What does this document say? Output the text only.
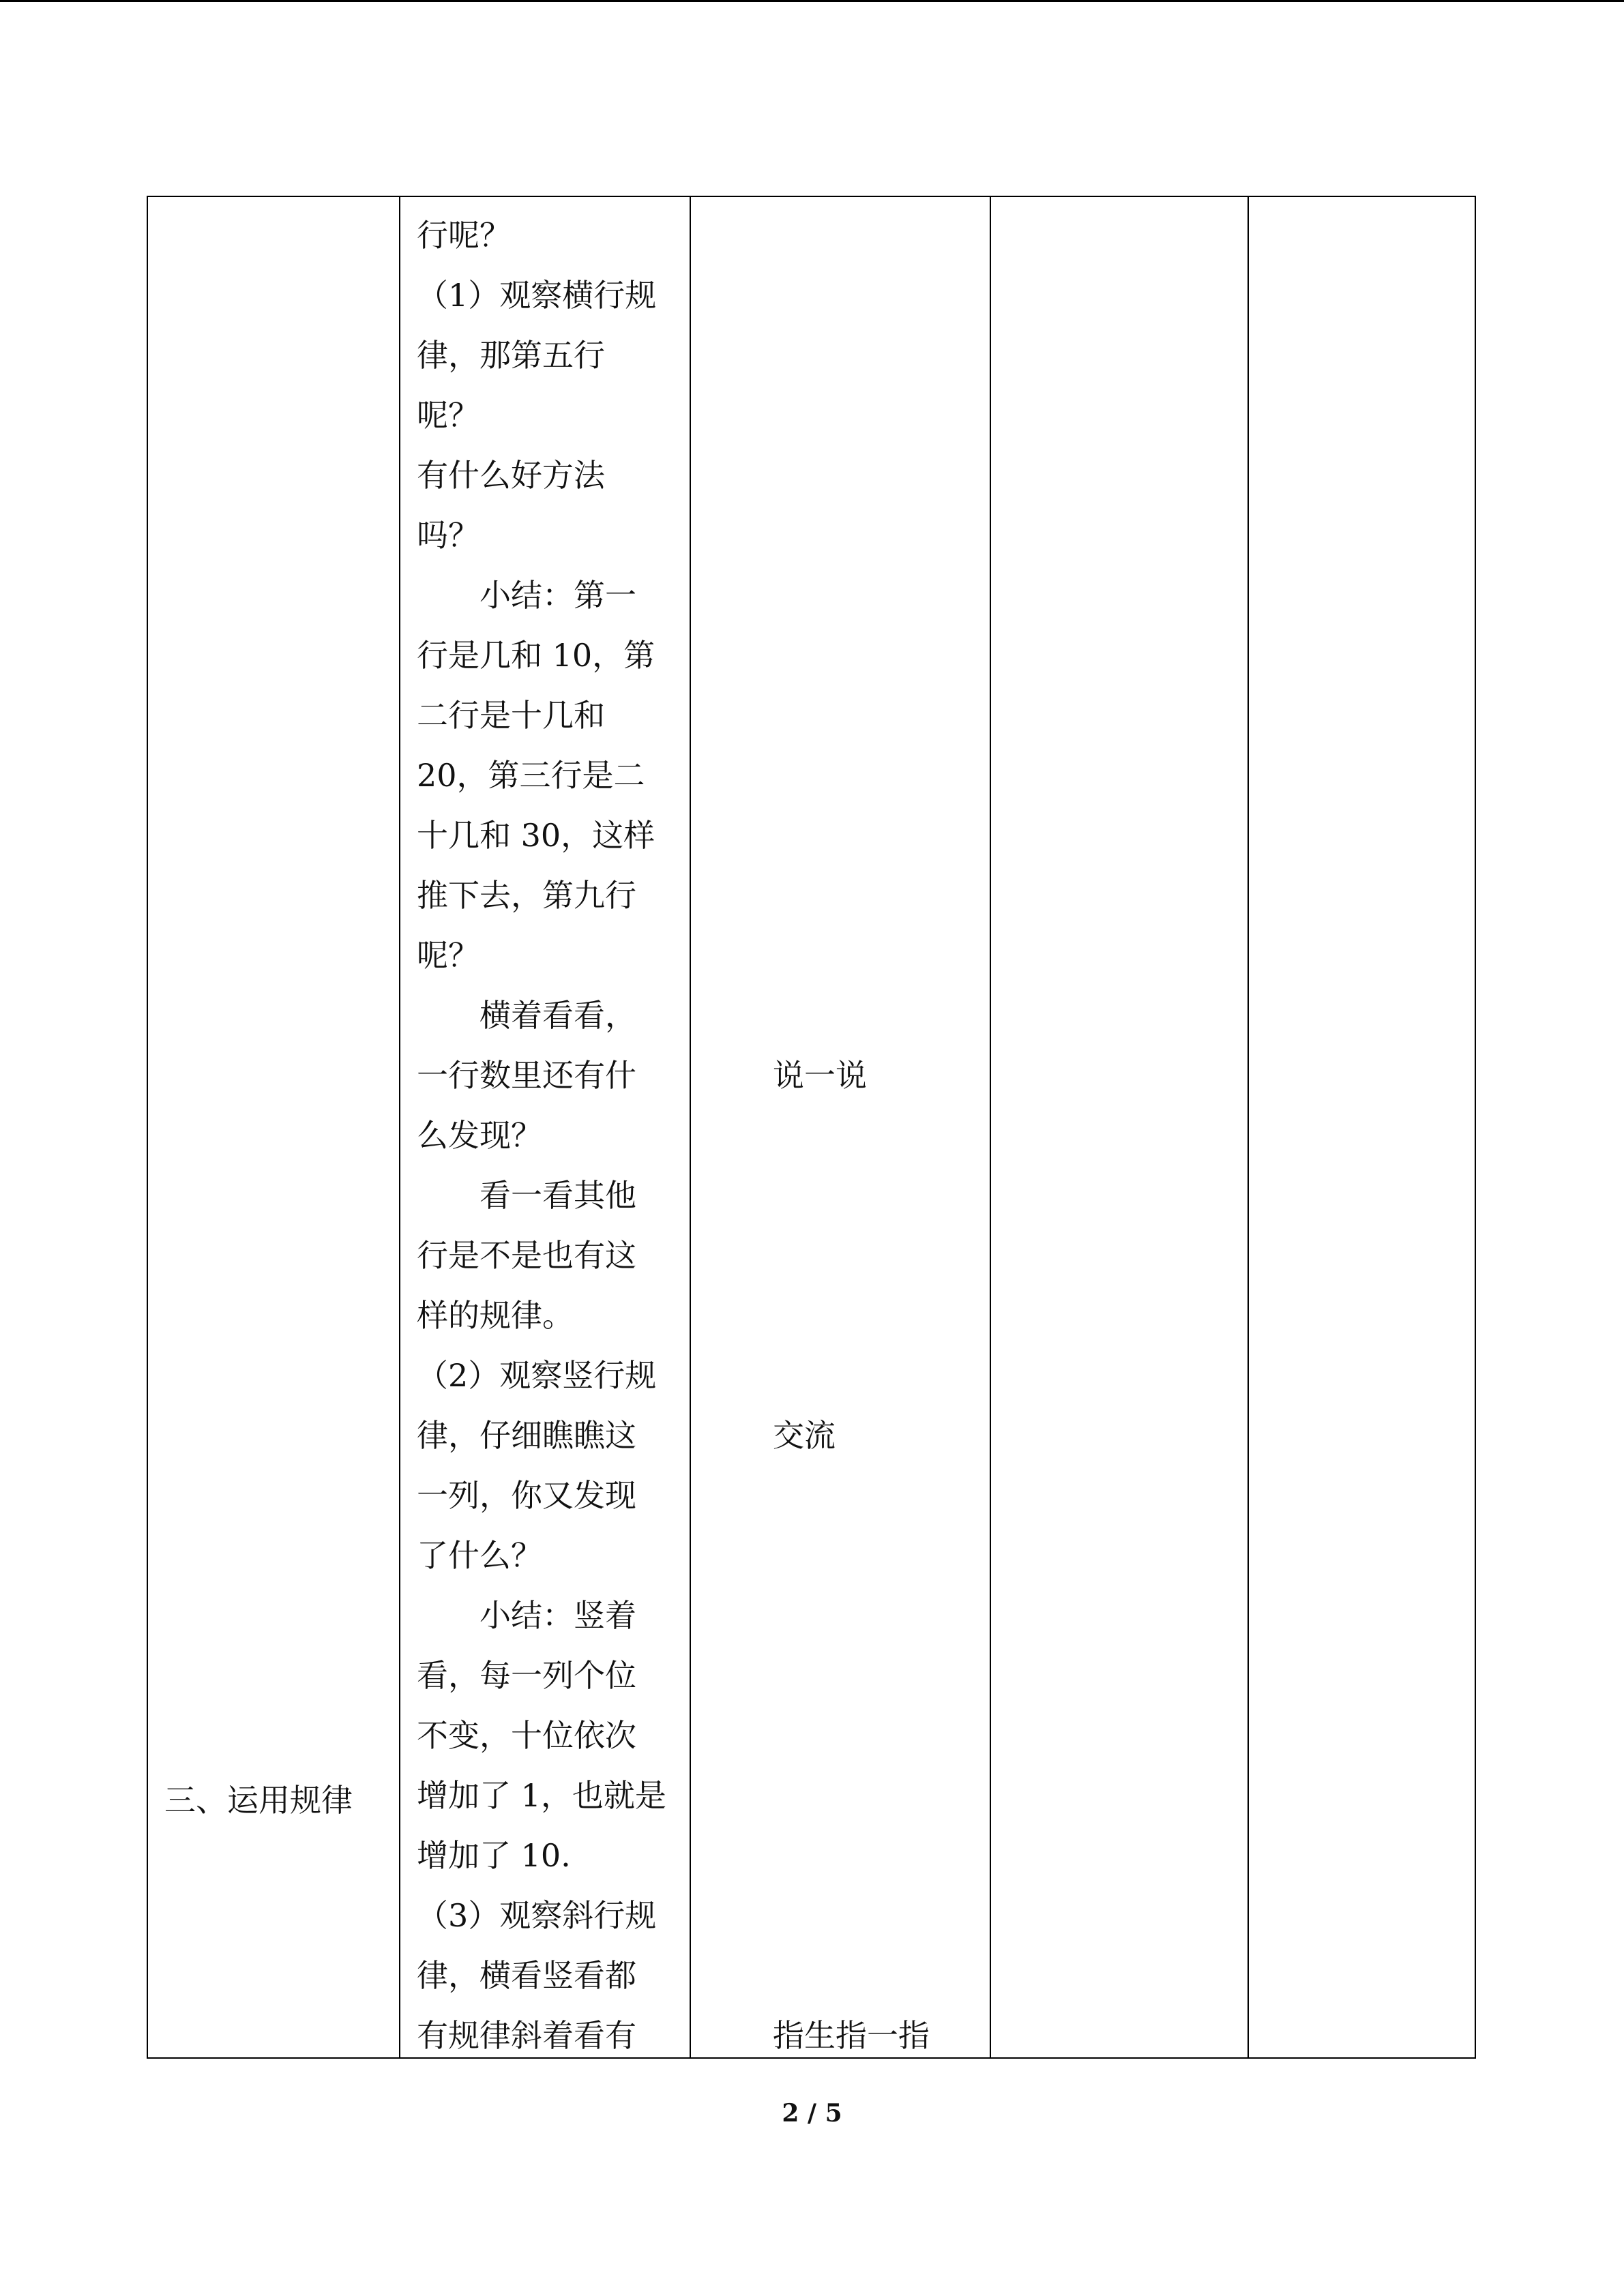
三、运用规律
行呢？
（1）观察横行规
律，那第五行
呢？
有什么好方法
吗？
小结：第一
行是几和 10，第
二行是十几和
20，第三行是二
十几和 30，这样
推下去，第九行
呢？
横着看看，
一行数里还有什
么发现？
看一看其他
行是不是也有这
样的规律。
（2）观察竖行规
律，仔细瞧瞧这
一列，你又发现
了什么？
小结：竖着
看，每一列个位
不变，十位依次
增加了 1，也就是
增加了 10.
（3）观察斜行规
律，横看竖看都
有规律斜着看有
说一说
交流
指生指一指
2 / 5
